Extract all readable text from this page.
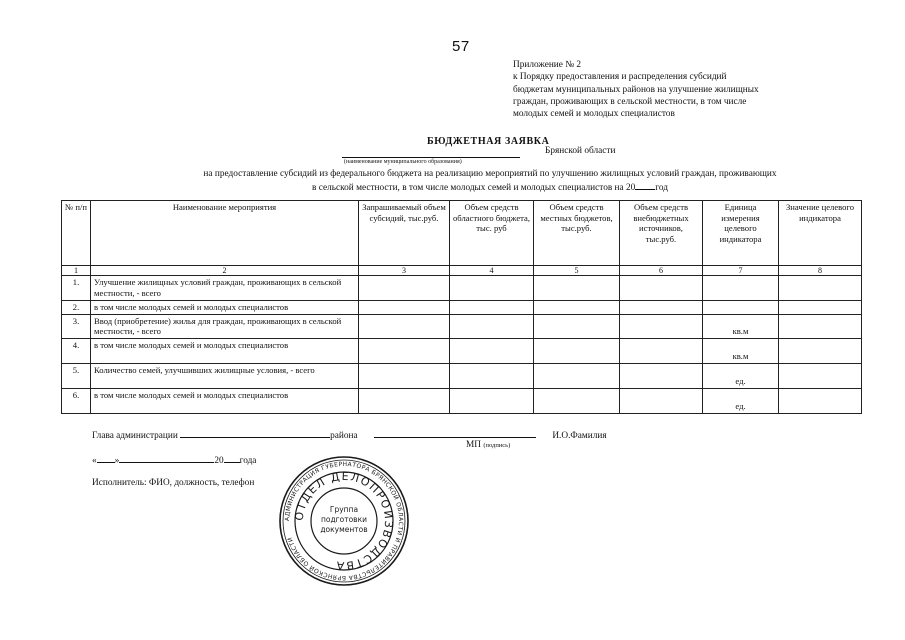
57
Приложение № 2
к Порядку предоставления и распределения субсидий
бюджетам муниципальных районов на улучшение жилищных
граждан, проживающих в сельской местности, в том числе
молодых семей и молодых специалистов
БЮДЖЕТНАЯ ЗАЯВКА
Брянской области
(наименование муниципального образования)
на предоставление субсидий из федерального бюджета на реализацию мероприятий по улучшению жилищных условий граждан, проживающих
в сельской местности, в том числе молодых семей и молодых специалистов на 20 год
№ п/п	Наименование мероприятия	Запрашиваемый объем субсидий, тыс.руб.	Объем средств областного бюджета, тыс. руб	Объем средств местных бюджетов, тыс.руб.	Объем средств внебюджетных источников, тыс.руб.	Единица измерения целевого индикатора	Значение целевого индикатора
1	2	3	4	5	6	7	8
1.	Улучшение жилищных условий граждан, проживающих в сельской местности, - всего						
2.	в том числе молодых семей и молодых специалистов						
3.	Ввод (приобретение) жилья для граждан, проживающих в сельской местности, - всего					кв.м	
4.	в том числе молодых семей и молодых специалистов					кв.м	
5.	Количество семей, улучшивших жилищные условия, - всего					ед.	
6.	в том числе молодых семей и молодых специалистов					ед.	
Глава администрации	района	И.О.Фамилия
МП (подпись)
« »	20 года
Исполнитель: ФИО, должность, телефон
АДМИНИСТРАЦИЯ ГУБЕРНАТОРА БРЯНСКОЙ ОБЛАСТИ И ПРАВИТЕЛЬСТВА БРЯНСКОЙ ОБЛАСТИ
ОТДЕЛ ДЕЛОПРОИЗВОДСТВА
Группа
подготовки
документов
